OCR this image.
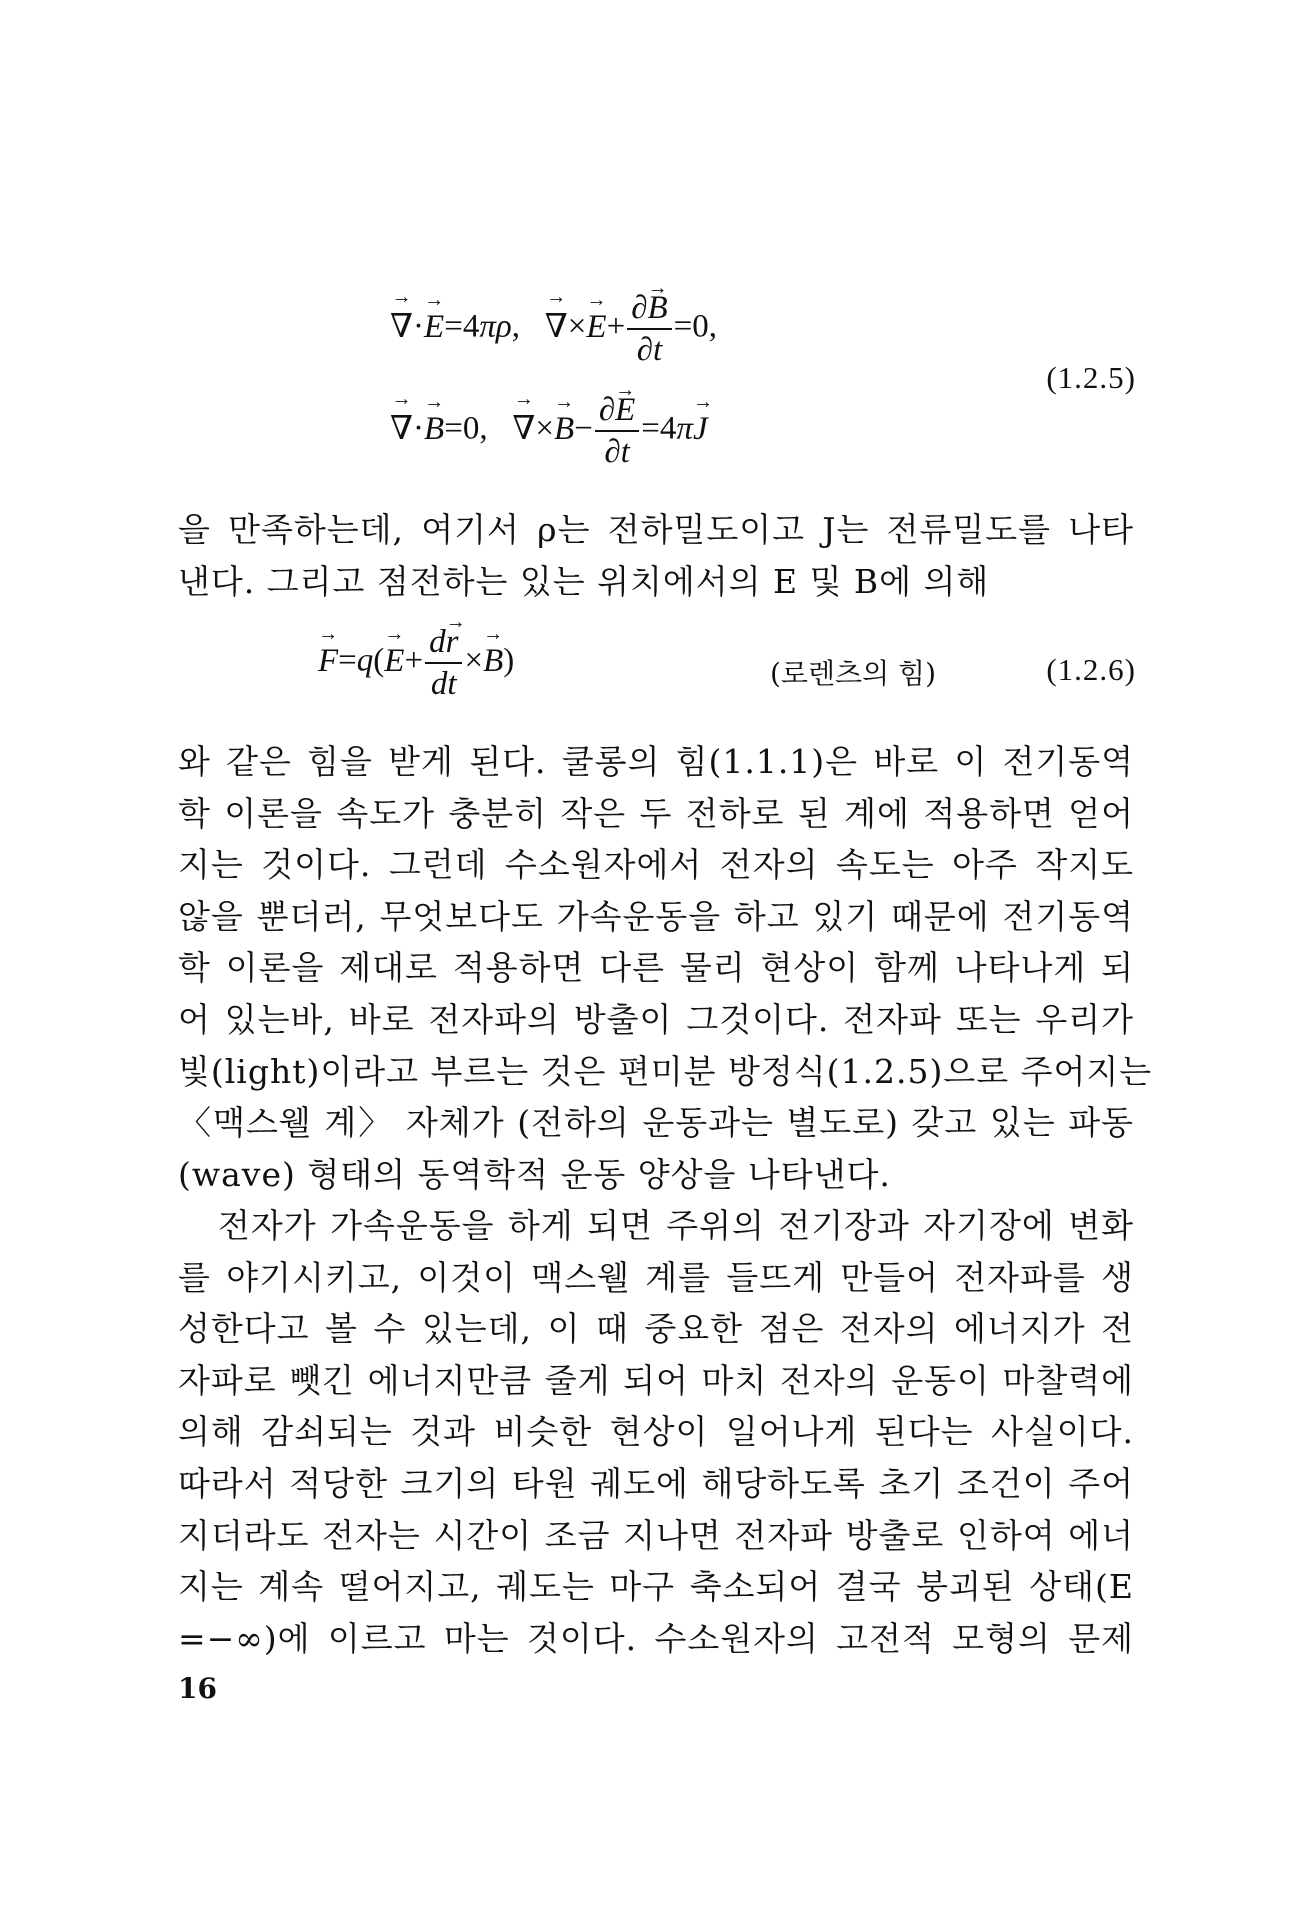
→ ∇·→ E=4πρ,   → ∇×→ $E+ \frac{\partial\to B}{\partial t} =0$,
→ ∇·→ B=0,   → ∇×→ $B- \frac{\partial\to E}{\partial t} =4\pi\to J$
(1.2.5)
을 만족하는데, 여기서 ρ는 전하밀도이고 J는 전류밀도를 나타
낸다. 그리고 점전하는 있는 위치에서의 E 및 B에 의해
→ $F=q(\to E+ \frac{d\to r}{dt} \times\to B)$	(로렌츠의 힘)	(1.2.6)
와 같은 힘을 받게 된다. 쿨롱의 힘(1.1.1)은 바로 이 전기동역
학 이론을 속도가 충분히 작은 두 전하로 된 계에 적용하면 얻어
지는 것이다. 그런데 수소원자에서 전자의 속도는 아주 작지도
않을 뿐더러, 무엇보다도 가속운동을 하고 있기 때문에 전기동역
학 이론을 제대로 적용하면 다른 물리 현상이 함께 나타나게 되
어 있는바, 바로 전자파의 방출이 그것이다. 전자파 또는 우리가
빛(light)이라고 부르는 것은 편미분 방정식(1.2.5)으로 주어지는
〈맥스웰 계〉 자체가 (전하의 운동과는 별도로) 갖고 있는 파동
(wave) 형태의 동역학적 운동 양상을 나타낸다.
전자가 가속운동을 하게 되면 주위의 전기장과 자기장에 변화
를 야기시키고, 이것이 맥스웰 계를 들뜨게 만들어 전자파를 생
성한다고 볼 수 있는데, 이 때 중요한 점은 전자의 에너지가 전
자파로 뺏긴 에너지만큼 줄게 되어 마치 전자의 운동이 마찰력에
의해 감쇠되는 것과 비슷한 현상이 일어나게 된다는 사실이다.
따라서 적당한 크기의 타원 궤도에 해당하도록 초기 조건이 주어
지더라도 전자는 시간이 조금 지나면 전자파 방출로 인하여 에너
지는 계속 떨어지고, 궤도는 마구 축소되어 결국 붕괴된 상태(E
=−∞)에 이르고 마는 것이다. 수소원자의 고전적 모형의 문제
16
